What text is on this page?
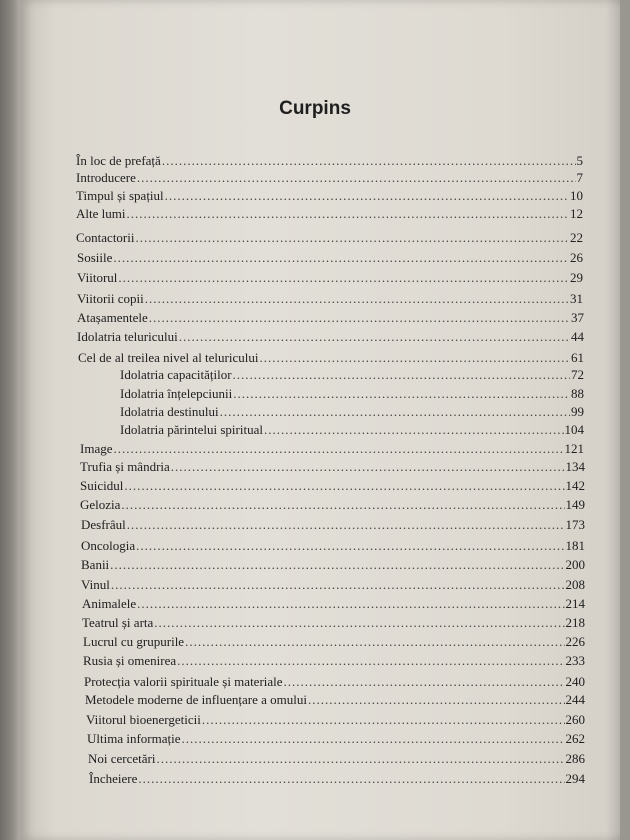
Curpins
În loc de prefață .....	5
Introducere .....	7
Timpul și spațiul .....	10
Alte lumi .....	12
Contactorii .....	22
Sosiile .....	26
Viitorul .....	29
Viitorii copii .....	31
Atașamentele .....	37
Idolatria teluricului .....	44
Cel de al treilea nivel al teluricului .....	61
Idolatria capacităților .....	72
Idolatria înțelepciunii .....	88
Idolatria destinului .....	99
Idolatria părintelui spiritual .....	104
Image .....	121
Trufia și mândria .....	134
Suicidul .....	142
Gelozia .....	149
Desfrâul .....	173
Oncologia .....	181
Banii .....	200
Vinul .....	208
Animalele .....	214
Teatrul și arta .....	218
Lucrul cu grupurile .....	226
Rusia și omenirea .....	233
Protecția valorii spirituale și materiale .....	240
Metodele moderne de influențare a omului .....	244
Viitorul bioenergeticii .....	260
Ultima informație .....	262
Noi cercetări .....	286
Încheiere .....	294
